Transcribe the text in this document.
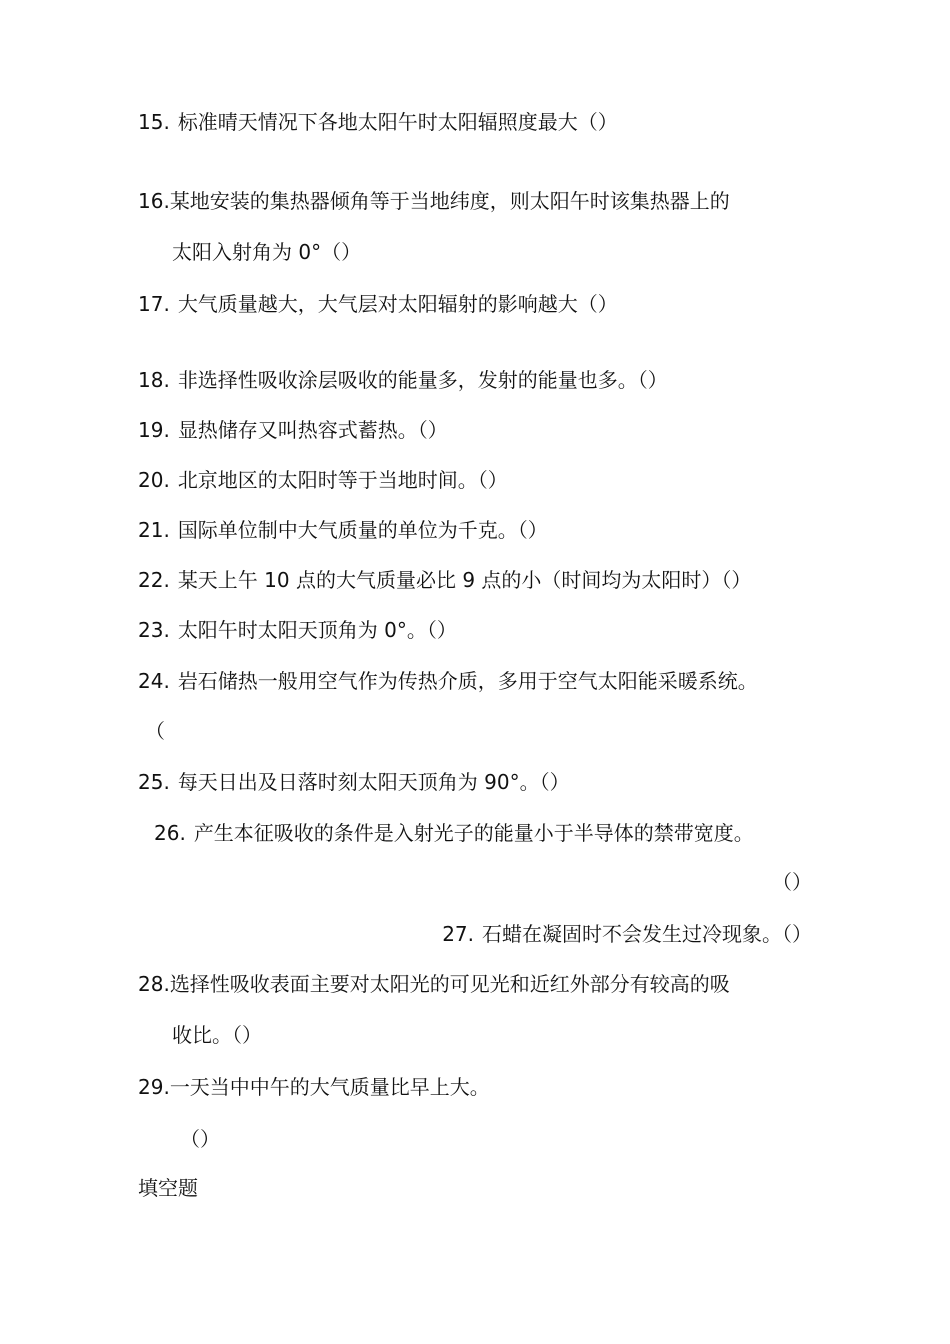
15. 标准晴天情况下各地太阳午时太阳辐照度最大（）
16.某地安装的集热器倾角等于当地纬度，则太阳午时该集热器上的
太阳入射角为 0°（）
17. 大气质量越大，大气层对太阳辐射的影响越大（）
18. 非选择性吸收涂层吸收的能量多，发射的能量也多。（）
19. 显热储存又叫热容式蓄热。（）
20. 北京地区的太阳时等于当地时间。（）
21. 国际单位制中大气质量的单位为千克。（）
22. 某天上午 10 点的大气质量必比 9 点的小（时间均为太阳时）（）
23. 太阳午时太阳天顶角为 0°。（）
24. 岩石储热一般用空气作为传热介质，多用于空气太阳能采暖系统。
（
25. 每天日出及日落时刻太阳天顶角为 90°。（）
26. 产生本征吸收的条件是入射光子的能量小于半导体的禁带宽度。
（）
27. 石蜡在凝固时不会发生过冷现象。（）
28.选择性吸收表面主要对太阳光的可见光和近红外部分有较高的吸
收比。（）
29.一天当中中午的大气质量比早上大。
（）
填空题
